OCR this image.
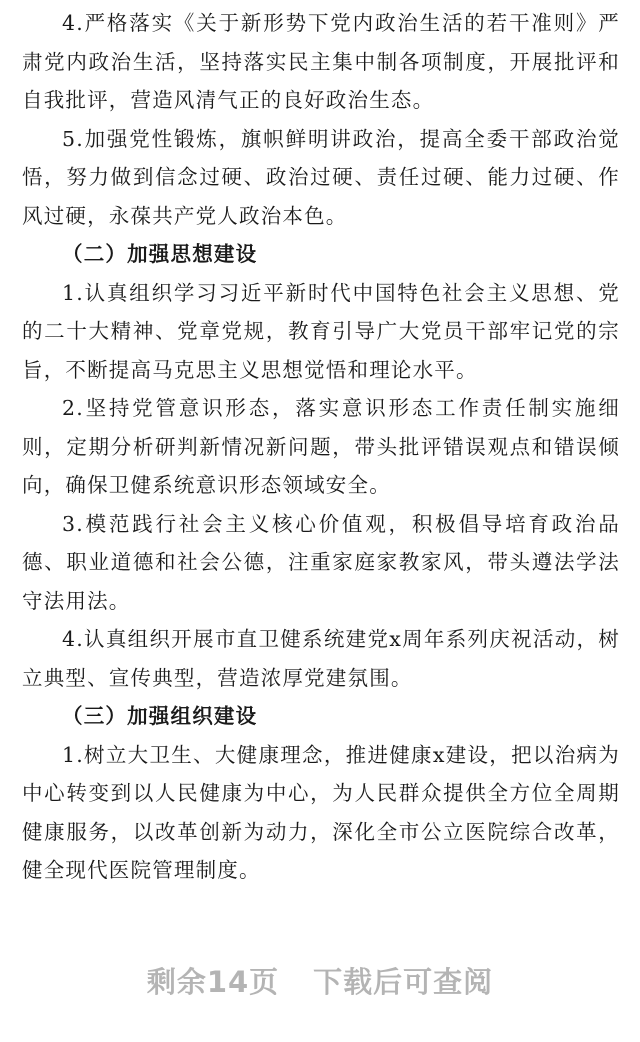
4.严格落实《关于新形势下党内政治生活的若干准则》严肃党内政治生活，坚持落实民主集中制各项制度，开展批评和自我批评，营造风清气正的良好政治生态。

5.加强党性锻炼，旗帜鲜明讲政治，提高全委干部政治觉悟，努力做到信念过硬、政治过硬、责任过硬、能力过硬、作风过硬，永葆共产党人政治本色。

（二）加强思想建设

1.认真组织学习习近平新时代中国特色社会主义思想、党的二十大精神、党章党规，教育引导广大党员干部牢记党的宗旨，不断提高马克思主义思想觉悟和理论水平。

2.坚持党管意识形态，落实意识形态工作责任制实施细则，定期分析研判新情况新问题，带头批评错误观点和错误倾向，确保卫健系统意识形态领域安全。

3.模范践行社会主义核心价值观，积极倡导培育政治品德、职业道德和社会公德，注重家庭家教家风，带头遵法学法守法用法。

4.认真组织开展市直卫健系统建党x周年系列庆祝活动，树立典型、宣传典型，营造浓厚党建氛围。

（三）加强组织建设

1.树立大卫生、大健康理念，推进健康x建设，把以治病为中心转变到以人民健康为中心，为人民群众提供全方位全周期健康服务，以改革创新为动力，深化全市公立医院综合改革，健全现代医院管理制度。

剩余14页 下载后可查阅
